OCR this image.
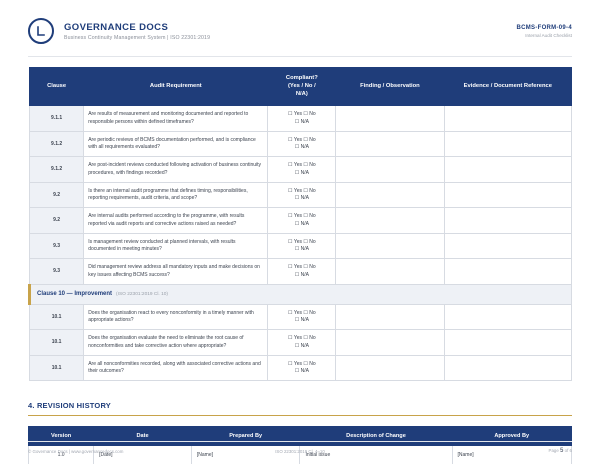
GOVERNANCE DOCS
Business Continuity Management System | ISO 22301:2019
BCMS-FORM-09-4
Internal Audit Checklist
Clause	Audit Requirement	Compliant?
(Yes / No /
N/A)	Finding / Observation	Evidence / Document Reference
9.1.1	Are results of measurement and monitoring documented and reported to responsible persons within defined timeframes?	☐ Yes ☐ No
☐ N/A		
9.1.2	Are periodic reviews of BCMS documentation performed, and is compliance with all requirements evaluated?	☐ Yes ☐ No
☐ N/A		
9.1.2	Are post-incident reviews conducted following activation of business continuity procedures, with findings recorded?	☐ Yes ☐ No
☐ N/A		
9.2	Is there an internal audit programme that defines timing, responsibilities, reporting requirements, audit criteria, and scope?	☐ Yes ☐ No
☐ N/A		
9.2	Are internal audits performed according to the programme, with results reported via audit reports and corrective actions raised as needed?	☐ Yes ☐ No
☐ N/A		
9.3	Is management review conducted at planned intervals, with results documented in meeting minutes?	☐ Yes ☐ No
☐ N/A		
9.3	Did management review address all mandatory inputs and make decisions on key issues affecting BCMS success?	☐ Yes ☐ No
☐ N/A		
Clause 10 — Improvement (ISO 22301:2019 Cl. 10)				
10.1	Does the organisation react to every nonconformity in a timely manner with appropriate actions?	☐ Yes ☐ No
☐ N/A		
10.1	Does the organisation evaluate the need to eliminate the root cause of nonconformities and take corrective action where appropriate?	☐ Yes ☐ No
☐ N/A		
10.1	Are all nonconformities recorded, along with associated corrective actions and their outcomes?	☐ Yes ☐ No
☐ N/A		
4. REVISION HISTORY
Version	Date	Prepared By	Description of Change	Approved By
1.0	[Date]	[Name]	Initial issue	[Name]
© Governance Docs | www.governancedocs.com	ISO 22301:2019 Cl. 4–10	Page 5 of 6
